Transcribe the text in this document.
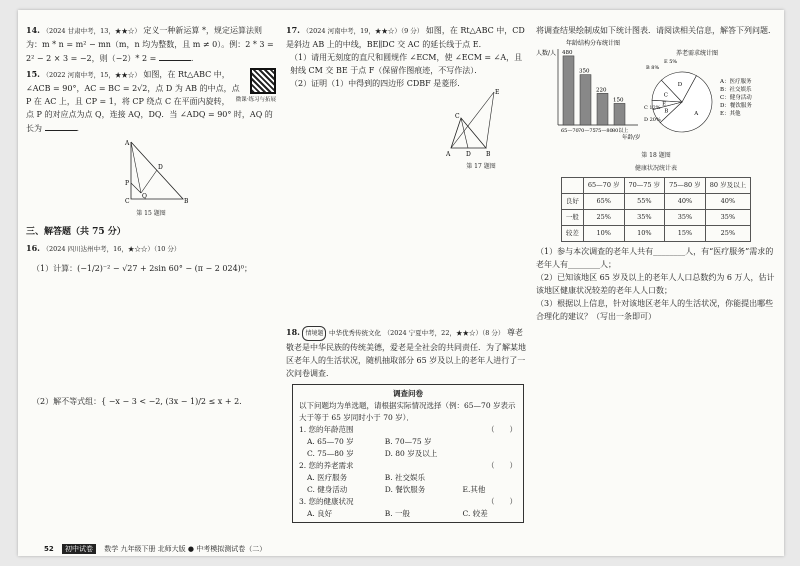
14. （2024 甘肃中考，13，★★☆） 定义一种新运算 *，规定运算法则为：m * n = m² − mn（m，n 均为整数，且 m ≠ 0）。例：2 * 3 = 2² − 2 × 3 = −2，则（−2）* 2 =	.
微课·练习与拓展
15. （2022 河南中考，15，★★☆） 如图，在 Rt△ABC 中，∠ACB = 90°，AC = BC = 2√2，点 D 为 AB 的中点，点 P 在 AC 上，且 CP = 1，将 CP 绕点 C 在平面内旋转，点 P 的对应点为点 Q，连接 AQ，DQ．当 ∠ADQ = 90° 时，AQ 的长为	.
A
D
P
Q
C	B
第 15 题图
三、解答题（共 75 分）
16. （2024 四川达州中考，16，★☆☆）（10 分）
（1）计算：(−1/2)⁻² − √27 + 2sin 60° − (π − 2 024)⁰；
（2）解不等式组：{ −x − 3 < −2, (3x − 1)/2 ≤ x + 2.
17. （2024 河南中考，19，★★☆）（9 分） 如图，在 Rt△ABC 中，CD 是斜边 AB 上的中线，BE∥DC 交 AC 的延长线于点 E．
（1）请用无刻度的直尺和圆规作 ∠ECM，使 ∠ECM = ∠A，且射线 CM 交 BE 于点 F（保留作图痕迹，不写作法）．
（2）证明（1）中得到的四边形 CDBF 是菱形．
A	D	B
C
E
第 17 题图
18. 情境题 中华优秀传统文化 （2024 宁夏中考，22，★★☆）（8 分） 尊老敬老是中华民族的传统美德，爱老是全社会的共同责任．为了解某地区老年人的生活状况，随机抽取部分 65 岁及以上的老年人进行了一次问卷调查．
调查问卷
以下问题均为单选题，请根据实际情况选择（例：65—70 岁表示大于等于 65 岁同时小于 70 岁）．
1. 您的年龄范围	（　　）
A. 65—70 岁	B. 70—75 岁
C. 75—80 岁	D. 80 岁及以上
2. 您的养老需求	（　　）
A. 医疗服务	B. 社交娱乐
C. 健身活动	D. 餐饮服务	E.其他
3. 您的健康状况	（　　）
A. 良好	B. 一般	C. 较差
将调查结果绘制成如下统计图表．请阅读相关信息，解答下列问题．
年龄结构分布统计图
人数/人 480
65—70
350
70—75
220
75—80
150
80以上
年龄/岁
养老需求统计图
A
B
E
C
D
B 8%
E 5%
C 12%
D 20%
A：医疗服务
B：社交娱乐
C：健身活动
D：餐饮服务
E：其他
第 18 题图
健康状况统计表
	65—70 岁	70—75 岁	75—80 岁	80 岁及以上
良好	65%	55%	40%	40%
一般	25%	35%	35%	35%
较差	10%	10%	15%	25%
（1）参与本次调查的老年人共有________人，有“医疗服务”需求的老年人有________人；
（2）已知该地区 65 岁及以上的老年人人口总数约为 6 万人，估计该地区健康状况较差的老年人人口数；
（3）根据以上信息，针对该地区老年人的生活状况，你能提出哪些合理化的建议？（写出一条即可）
52 初中试卷 数学 九年级下册 北师大版 ● 中考模拟测试卷（二）
